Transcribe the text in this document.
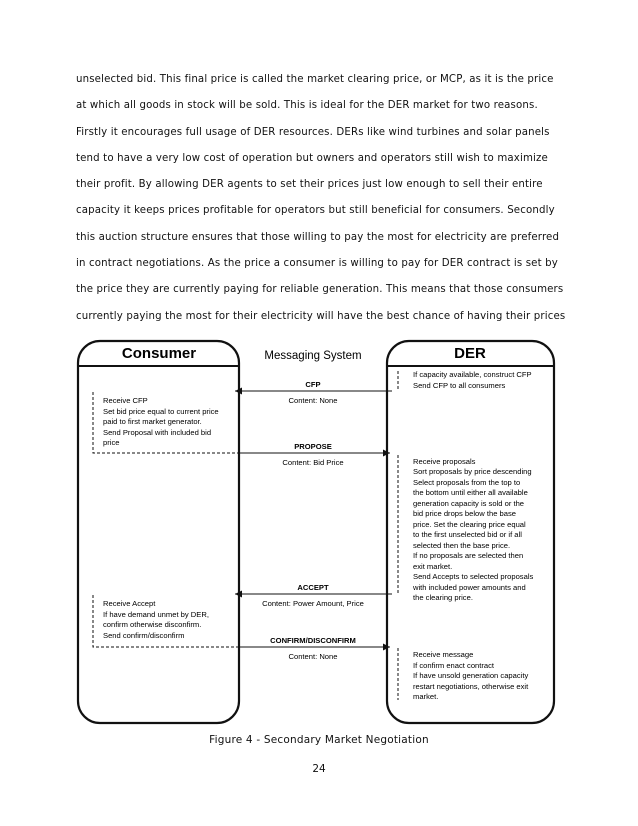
unselected bid. This final price is called the market clearing price, or MCP, as it is the price
at which all goods in stock will be sold. This is ideal for the DER market for two reasons.
Firstly it encourages full usage of DER resources. DERs like wind turbines and solar panels
tend to have a very low cost of operation but owners and operators still wish to maximize
their profit. By allowing DER agents to set their prices just low enough to sell their entire
capacity it keeps prices profitable for operators but still beneficial for consumers. Secondly
this auction structure ensures that those willing to pay the most for electricity are preferred
in contract negotiations. As the price a consumer is willing to pay for DER contract is set by
the price they are currently paying for reliable generation. This means that those consumers
currently paying the most for their electricity will have the best chance of having their prices
Consumer	Messaging System	DER
CFP
Content: None
PROPOSE
Content: Bid Price
ACCEPT
Content: Power Amount, Price
CONFIRM/DISCONFIRM
Content: None
If capacity available, construct CFP
Send CFP to all consumers
Receive CFP
Set bid price equal to current price
paid to first market generator.
Send Proposal with included bid
price
Receive proposals
Sort proposals by price descending
Select proposals from the top to
the bottom until either all available
generation capacity is sold or the
bid price drops below the base
price. Set the clearing price equal
to the first unselected bid or if all
selected then the base price.
If no proposals are selected then
exit market.
Send Accepts to selected proposals
with included power amounts and
the clearing price.
Receive Accept
If have demand unmet by DER,
confirm otherwise disconfirm.
Send confirm/disconfirm
Receive message
If confirm enact contract
If have unsold generation capacity
restart negotiations, otherwise exit
market.
Figure 4 - Secondary Market Negotiation
24
